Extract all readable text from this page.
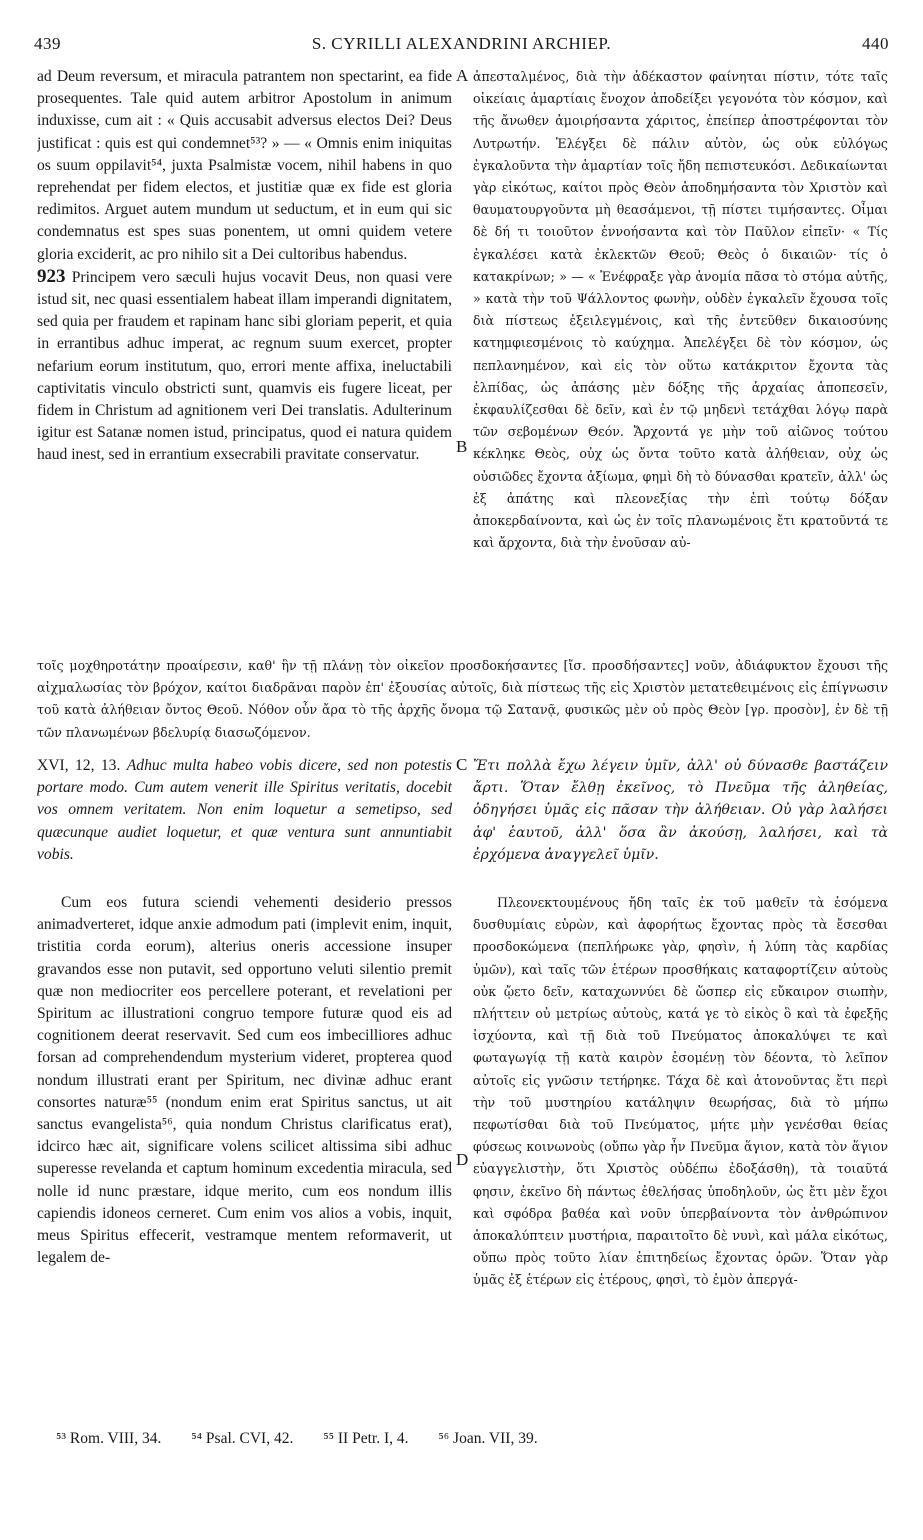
439	S. CYRILLI ALEXANDRINI ARCHIEP.	440

ad Deum reversum, et miracula patrantem non spectarint, ea fide prosequentes. Tale quid autem arbitror Apostolum in animum induxisse, cum ait : « Quis accusabit adversus electos Dei? Deus justificat : quis est qui condemnet⁵³? » — « Omnis enim iniquitas os suum oppilavit⁵⁴, juxta Psalmistæ vocem, nihil habens in quo reprehendat per fidem electos, et justitiæ quæ ex fide est gloria redimitos. Arguet autem mundum ut seductum, et in eum qui sic condemnatus est spes suas ponentem, ut omni quidem vetere gloria exciderit, ac pro nihilo sit a Dei cultoribus habendus.

923 Principem vero sæculi hujus vocavit Deus, non quasi vere istud sit, nec quasi essentialem habeat illam imperandi dignitatem, sed quia per fraudem et rapinam hanc sibi gloriam peperit, et quia in errantibus adhuc imperat, ac regnum suum exercet, propter nefarium eorum institutum, quo, errori mente affixa, ineluctabili captivitatis vinculo obstricti sunt, quamvis eis fugere liceat, per fidem in Christum ad agnitionem veri Dei translatis. Adulterinum igitur est Satanæ nomen istud, principatus, quod ei natura quidem haud inest, sed in errantium exsecrabili pravitate conservatur.

ἀπεσταλμένος, διὰ τὴν ἀδέκαστον φαίνηται πίστιν, τότε ταῖς οἰκείαις ἁμαρτίαις ἔνοχον ἀποδείξει γεγονότα τὸν κόσμον, καὶ τῆς ἄνωθεν ἀμοιρήσαντα χάριτος, ἐπείπερ ἀποστρέφονται τὸν Λυτρωτήν. Ἐλέγξει δὲ πάλιν αὐτὸν, ὡς οὐκ εὐλόγως ἐγκαλοῦντα τὴν ἁμαρτίαν τοῖς ἤδη πεπιστευκόσι. Δεδικαίωνται γὰρ εἰκότως, καίτοι πρὸς Θεὸν ἀποδημήσαντα τὸν Χριστὸν καὶ θαυματουργοῦντα μὴ θεασάμενοι, τῇ πίστει τιμήσαντες. Οἶμαι δὲ δή τι τοιοῦτον ἐννοήσαντα καὶ τὸν Παῦλον εἰπεῖν· « Τίς ἐγκαλέσει κατὰ ἐκλεκτῶν Θεοῦ; Θεὸς ὁ δικαιῶν· τίς ὁ κατακρίνων; » — « Ἐνέφραξε γὰρ ἀνομία πᾶσα τὸ στόμα αὐτῆς, » κατὰ τὴν τοῦ Ψάλλοντος φωνὴν, οὐδὲν ἐγκαλεῖν ἔχουσα τοῖς διὰ πίστεως ἐξειλεγμένοις, καὶ τῆς ἐντεῦθεν δικαιοσύνης κατημφιεσμένοις τὸ καύχημα. Ἀπελέγξει δὲ τὸν κόσμον, ὡς πεπλανημένον, καὶ εἰς τὸν οὕτω κατάκριτον ἔχοντα τὰς ἐλπίδας, ὡς ἁπάσης μὲν δόξης τῆς ἀρχαίας ἀποπεσεῖν, ἐκφαυλίζεσθαι δὲ δεῖν, καὶ ἐν τῷ μηδενὶ τετάχθαι λόγῳ παρὰ τῶν σεβομένων Θεόν. Ἄρχοντά γε μὴν τοῦ αἰῶνος τούτου κέκληκε Θεὸς, οὐχ ὡς ὄντα τοῦτο κατὰ ἀλήθειαν, οὐχ ὡς οὐσιῶδες ἔχοντα ἀξίωμα, φημὶ δὴ τὸ δύνασθαι κρατεῖν, ἀλλ' ὡς ἐξ ἀπάτης καὶ πλεονεξίας τὴν ἐπὶ τούτῳ δόξαν ἀποκερδαίνοντα, καὶ ὡς ἐν τοῖς πλανωμένοις ἔτι κρατοῦντά τε καὶ ἄρχοντα, διὰ τὴν ἐνοῦσαν αὐ-

A
B
C
D

τοῖς μοχθηροτάτην προαίρεσιν, καθ' ἣν τῇ πλάνῃ τὸν οἰκεῖον προσδοκήσαντες [ἴσ. προσδήσαντες] νοῦν, ἀδιάφυκτον ἔχουσι τῆς αἰχμαλωσίας τὸν βρόχον, καίτοι διαδρᾶναι παρὸν ἐπ' ἐξουσίας αὐτοῖς, διὰ πίστεως τῆς εἰς Χριστὸν μετατεθειμένοις εἰς ἐπίγνωσιν τοῦ κατὰ ἀλήθειαν ὄντος Θεοῦ. Νόθον οὖν ἄρα τὸ τῆς ἀρχῆς ὄνομα τῷ Σατανᾷ, φυσικῶς μὲν οὐ πρὸς Θεὸν [γρ. προσὸν], ἐν δὲ τῇ τῶν πλανωμένων βδελυρίᾳ διασωζόμενον.

XVI, 12, 13. Adhuc multa habeo vobis dicere, sed non potestis portare modo. Cum autem venerit ille Spiritus veritatis, docebit vos omnem veritatem. Non enim loquetur a semetipso, sed quæcunque audiet loquetur, et quæ ventura sunt annuntiabit vobis.

Ἔτι πολλὰ ἔχω λέγειν ὑμῖν, ἀλλ' οὐ δύνασθε βαστάζειν ἄρτι. Ὅταν ἔλθῃ ἐκεῖνος, τὸ Πνεῦμα τῆς ἀληθείας, ὁδηγήσει ὑμᾶς εἰς πᾶσαν τὴν ἀλήθειαν. Οὐ γὰρ λαλήσει ἀφ' ἑαυτοῦ, ἀλλ' ὅσα ἂν ἀκούσῃ, λαλήσει, καὶ τὰ ἐρχόμενα ἀναγγελεῖ ὑμῖν.

Cum eos futura sciendi vehementi desiderio pressos animadverteret, idque anxie admodum pati (implevit enim, inquit, tristitia corda eorum), alterius oneris accessione insuper gravandos esse non putavit, sed opportuno veluti silentio premit quæ non mediocriter eos percellere poterant, et revelationi per Spiritum ac illustrationi congruo tempore futuræ quod eis ad cognitionem deerat reservavit. Sed cum eos imbecilliores adhuc forsan ad comprehendendum mysterium videret, propterea quod nondum illustrati erant per Spiritum, nec divinæ adhuc erant consortes naturæ⁵⁵ (nondum enim erat Spiritus sanctus, ut ait sanctus evangelista⁵⁶, quia nondum Christus clarificatus erat), idcirco hæc ait, significare volens scilicet altissima sibi adhuc superesse revelanda et captum hominum excedentia miracula, sed nolle id nunc præstare, idque merito, cum eos nondum illis capiendis idoneos cerneret. Cum enim vos alios a vobis, inquit, meus Spiritus effecerit, vestramque mentem reformaverit, ut legalem de-

Πλεονεκτουμένους ἤδη ταῖς ἐκ τοῦ μαθεῖν τὰ ἐσόμενα δυσθυμίαις εὑρὼν, καὶ ἀφορήτως ἔχοντας πρὸς τὰ ἔσεσθαι προσδοκώμενα (πεπλήρωκε γὰρ, φησὶν, ἡ λύπη τὰς καρδίας ὑμῶν), καὶ ταῖς τῶν ἑτέρων προσθήκαις καταφορτίζειν αὐτοὺς οὐκ ᾤετο δεῖν, καταχωννύει δὲ ὥσπερ εἰς εὔκαιρον σιωπὴν, πλήττειν οὐ μετρίως αὐτοὺς, κατά γε τὸ εἰκὸς ὃ καὶ τὰ ἐφεξῆς ἰσχύοντα, καὶ τῇ διὰ τοῦ Πνεύματος ἀποκαλύψει τε καὶ φωταγωγίᾳ τῇ κατὰ καιρὸν ἐσομένῃ τὸν δέοντα, τὸ λεῖπον αὐτοῖς εἰς γνῶσιν τετήρηκε. Τάχα δὲ καὶ ἀτονοῦντας ἔτι περὶ τὴν τοῦ μυστηρίου κατάληψιν θεωρήσας, διὰ τὸ μήπω πεφωτίσθαι διὰ τοῦ Πνεύματος, μήτε μὴν γενέσθαι θείας φύσεως κοινωνοὺς (οὔπω γὰρ ἦν Πνεῦμα ἅγιον, κατὰ τὸν ἅγιον εὐαγγελιστὴν, ὅτι Χριστὸς οὐδέπω ἐδοξάσθη), τὰ τοιαῦτά φησιν, ἐκεῖνο δὴ πάντως ἐθελήσας ὑποδηλοῦν, ὡς ἔτι μὲν ἔχοι καὶ σφόδρα βαθέα καὶ νοῦν ὑπερβαίνοντα τὸν ἀνθρώπινον ἀποκαλύπτειν μυστήρια, παραιτοῖτο δὲ νυνὶ, καὶ μάλα εἰκότως, οὔπω πρὸς τοῦτο λίαν ἐπιτηδείως ἔχοντας ὁρῶν. Ὅταν γὰρ ὑμᾶς ἐξ ἑτέρων εἰς ἑτέρους, φησὶ, τὸ ἐμὸν ἀπεργά-

⁵³ Rom. VIII, 34. ⁵⁴ Psal. CVI, 42. ⁵⁵ II Petr. I, 4. ⁵⁶ Joan. VII, 39.
